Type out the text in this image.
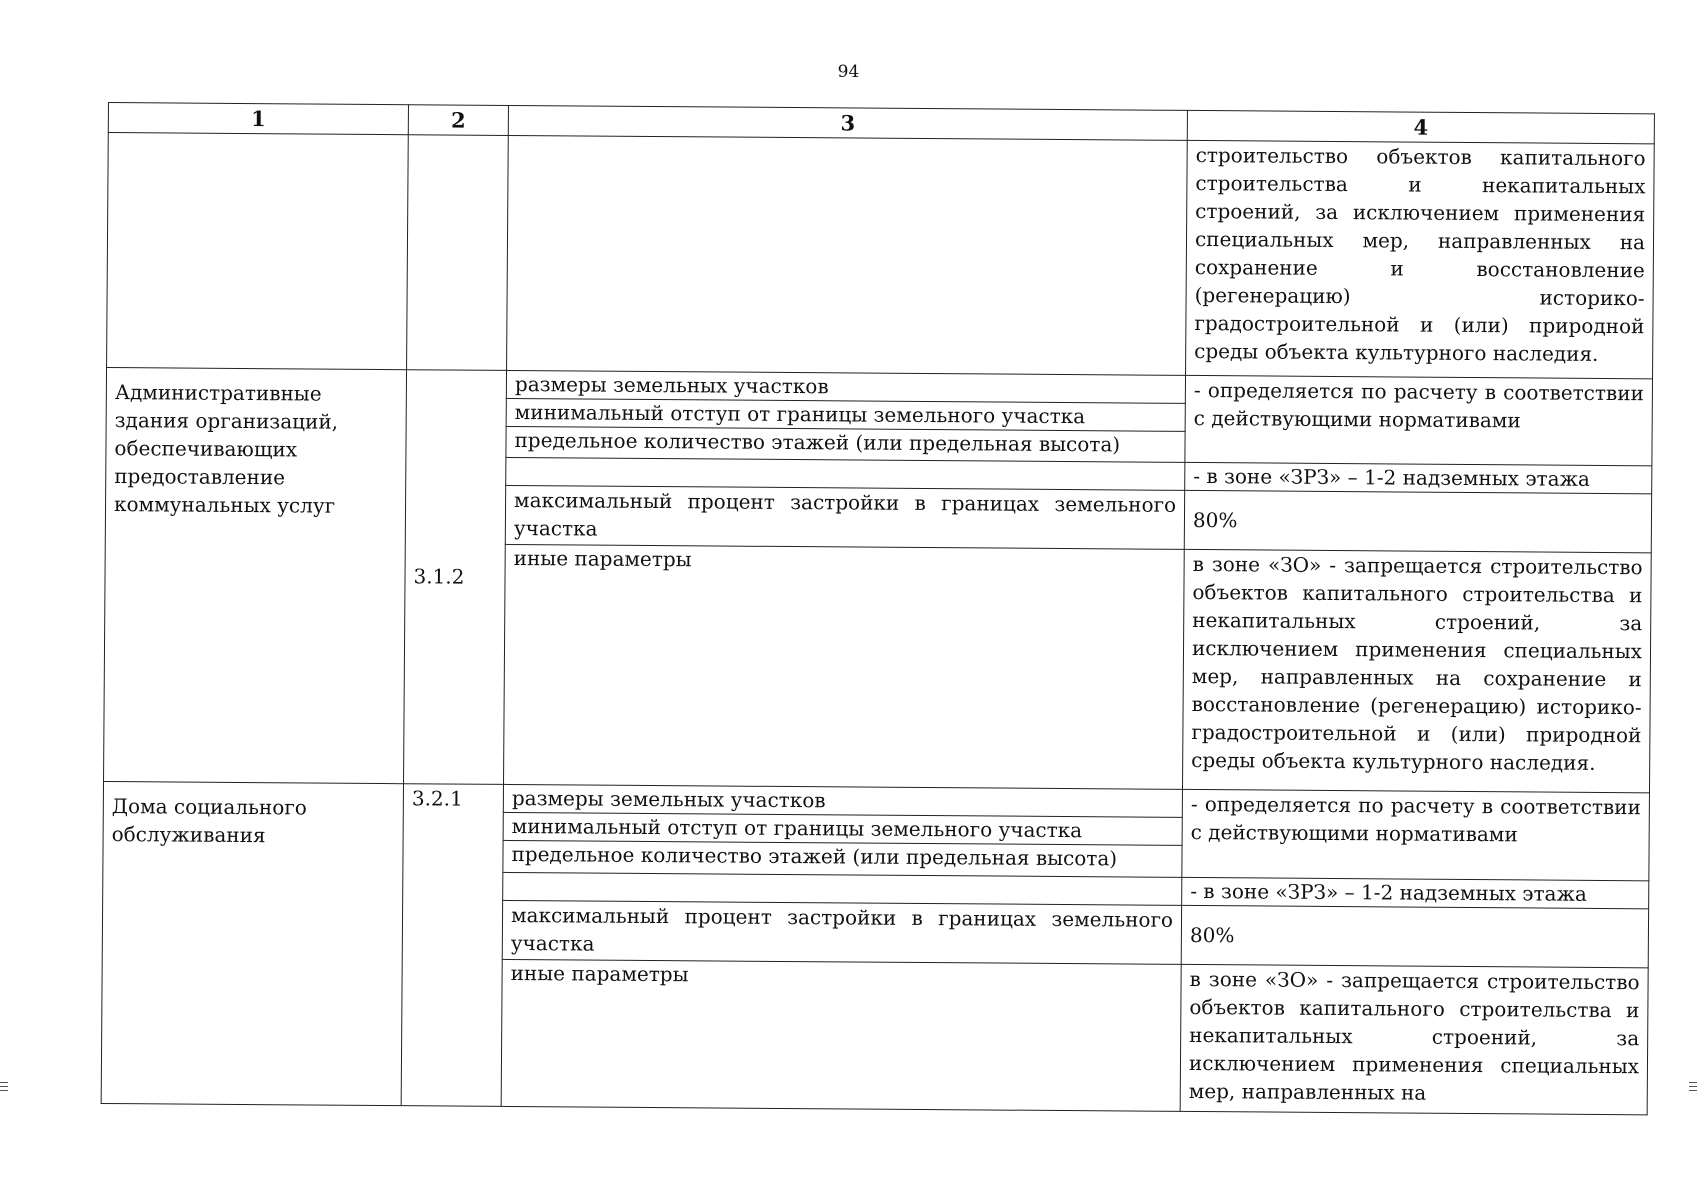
94
1	2	3	4
			строительство объектов капитального строительства и некапитальных строений, за исключением применения специальных мер, направленных на сохранение и восстановление (регенерацию) историко-градостроительной и (или) природной среды объекта культурного наследия.
Административные здания организаций, обеспечивающих предоставление коммунальных услуг	3.1.2	размеры земельных участков	- определяется по расчету в соответствии с действующими нормативами

		минимальный отступ от границы земельного участка	
		предельное количество этажей (или предельная высота)	
			- в зоне «ЗРЗ» – 1-2 надземных этажа
		максимальный процент застройки в границах земельного участка	80%
		иные параметры	в зоне «ЗО» - запрещается строительство объектов капитального строительства и некапитальных строений, за исключением применения специальных мер, направленных на сохранение и восстановление (регенерацию) историко-градостроительной и (или) природной среды объекта культурного наследия.
Дома социального обслуживания	3.2.1	размеры земельных участков	- определяется по расчету в соответствии с действующими нормативами

		минимальный отступ от границы земельного участка	
		предельное количество этажей (или предельная высота)	
			- в зоне «ЗРЗ» – 1-2 надземных этажа
		максимальный процент застройки в границах земельного участка	80%
		иные параметры	в зоне «ЗО» - запрещается строительство объектов капитального строительства и некапитальных строений, за исключением применения специальных мер, направленных на
